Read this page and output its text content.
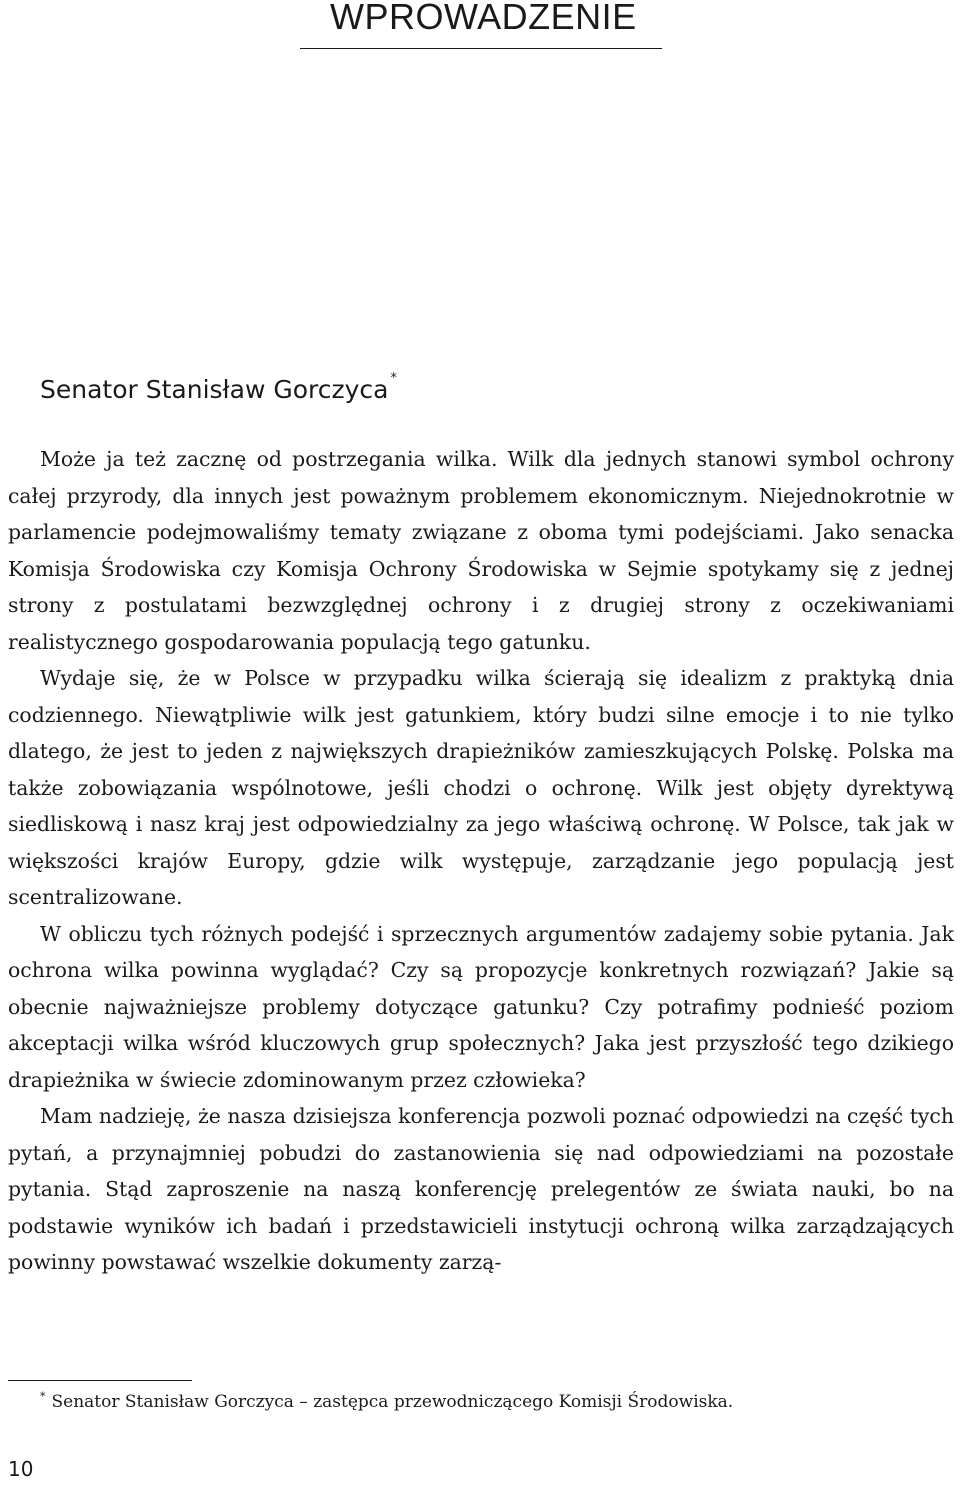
WPROWADZENIE
Senator Stanisław Gorczyca *

Może ja też zacznę od postrzegania wilka. Wilk dla jednych stanowi symbol ochrony całej przyrody, dla innych jest poważnym problemem ekonomicznym. Niejednokrotnie w parlamencie podejmowaliśmy tematy związane z oboma tymi podejściami. Jako senacka Komisja Środowiska czy Komisja Ochrony Środowiska w Sejmie spotykamy się z jednej strony z postulatami bezwzględnej ochrony i z drugiej strony z oczekiwaniami realistycznego gospodarowania populacją tego gatunku.

Wydaje się, że w Polsce w przypadku wilka ścierają się idealizm z praktyką dnia codziennego. Niewątpliwie wilk jest gatunkiem, który budzi silne emocje i to nie tylko dlatego, że jest to jeden z największych drapieżników zamieszkujących Polskę. Polska ma także zobowiązania wspólnotowe, jeśli chodzi o ochronę. Wilk jest objęty dyrektywą siedliskową i nasz kraj jest odpowiedzialny za jego właściwą ochronę. W Polsce, tak jak w większości krajów Europy, gdzie wilk występuje, zarządzanie jego populacją jest scentralizowane.

W obliczu tych różnych podejść i sprzecznych argumentów zadajemy sobie pytania. Jak ochrona wilka powinna wyglądać? Czy są propozycje konkretnych rozwiązań? Jakie są obecnie najważniejsze problemy dotyczące gatunku? Czy potrafimy podnieść poziom akceptacji wilka wśród kluczowych grup społecznych? Jaka jest przyszłość tego dzikiego drapieżnika w świecie zdominowanym przez człowieka?

Mam nadzieję, że nasza dzisiejsza konferencja pozwoli poznać odpowiedzi na część tych pytań, a przynajmniej pobudzi do zastanowienia się nad odpowiedziami na pozostałe pytania. Stąd zaproszenie na naszą konferencję prelegentów ze świata nauki, bo na podstawie wyników ich badań i przedstawicieli instytucji ochroną wilka zarządzających powinny powstawać wszelkie dokumenty zarzą-

* Senator Stanisław Gorczyca – zastępca przewodniczącego Komisji Środowiska.
10
